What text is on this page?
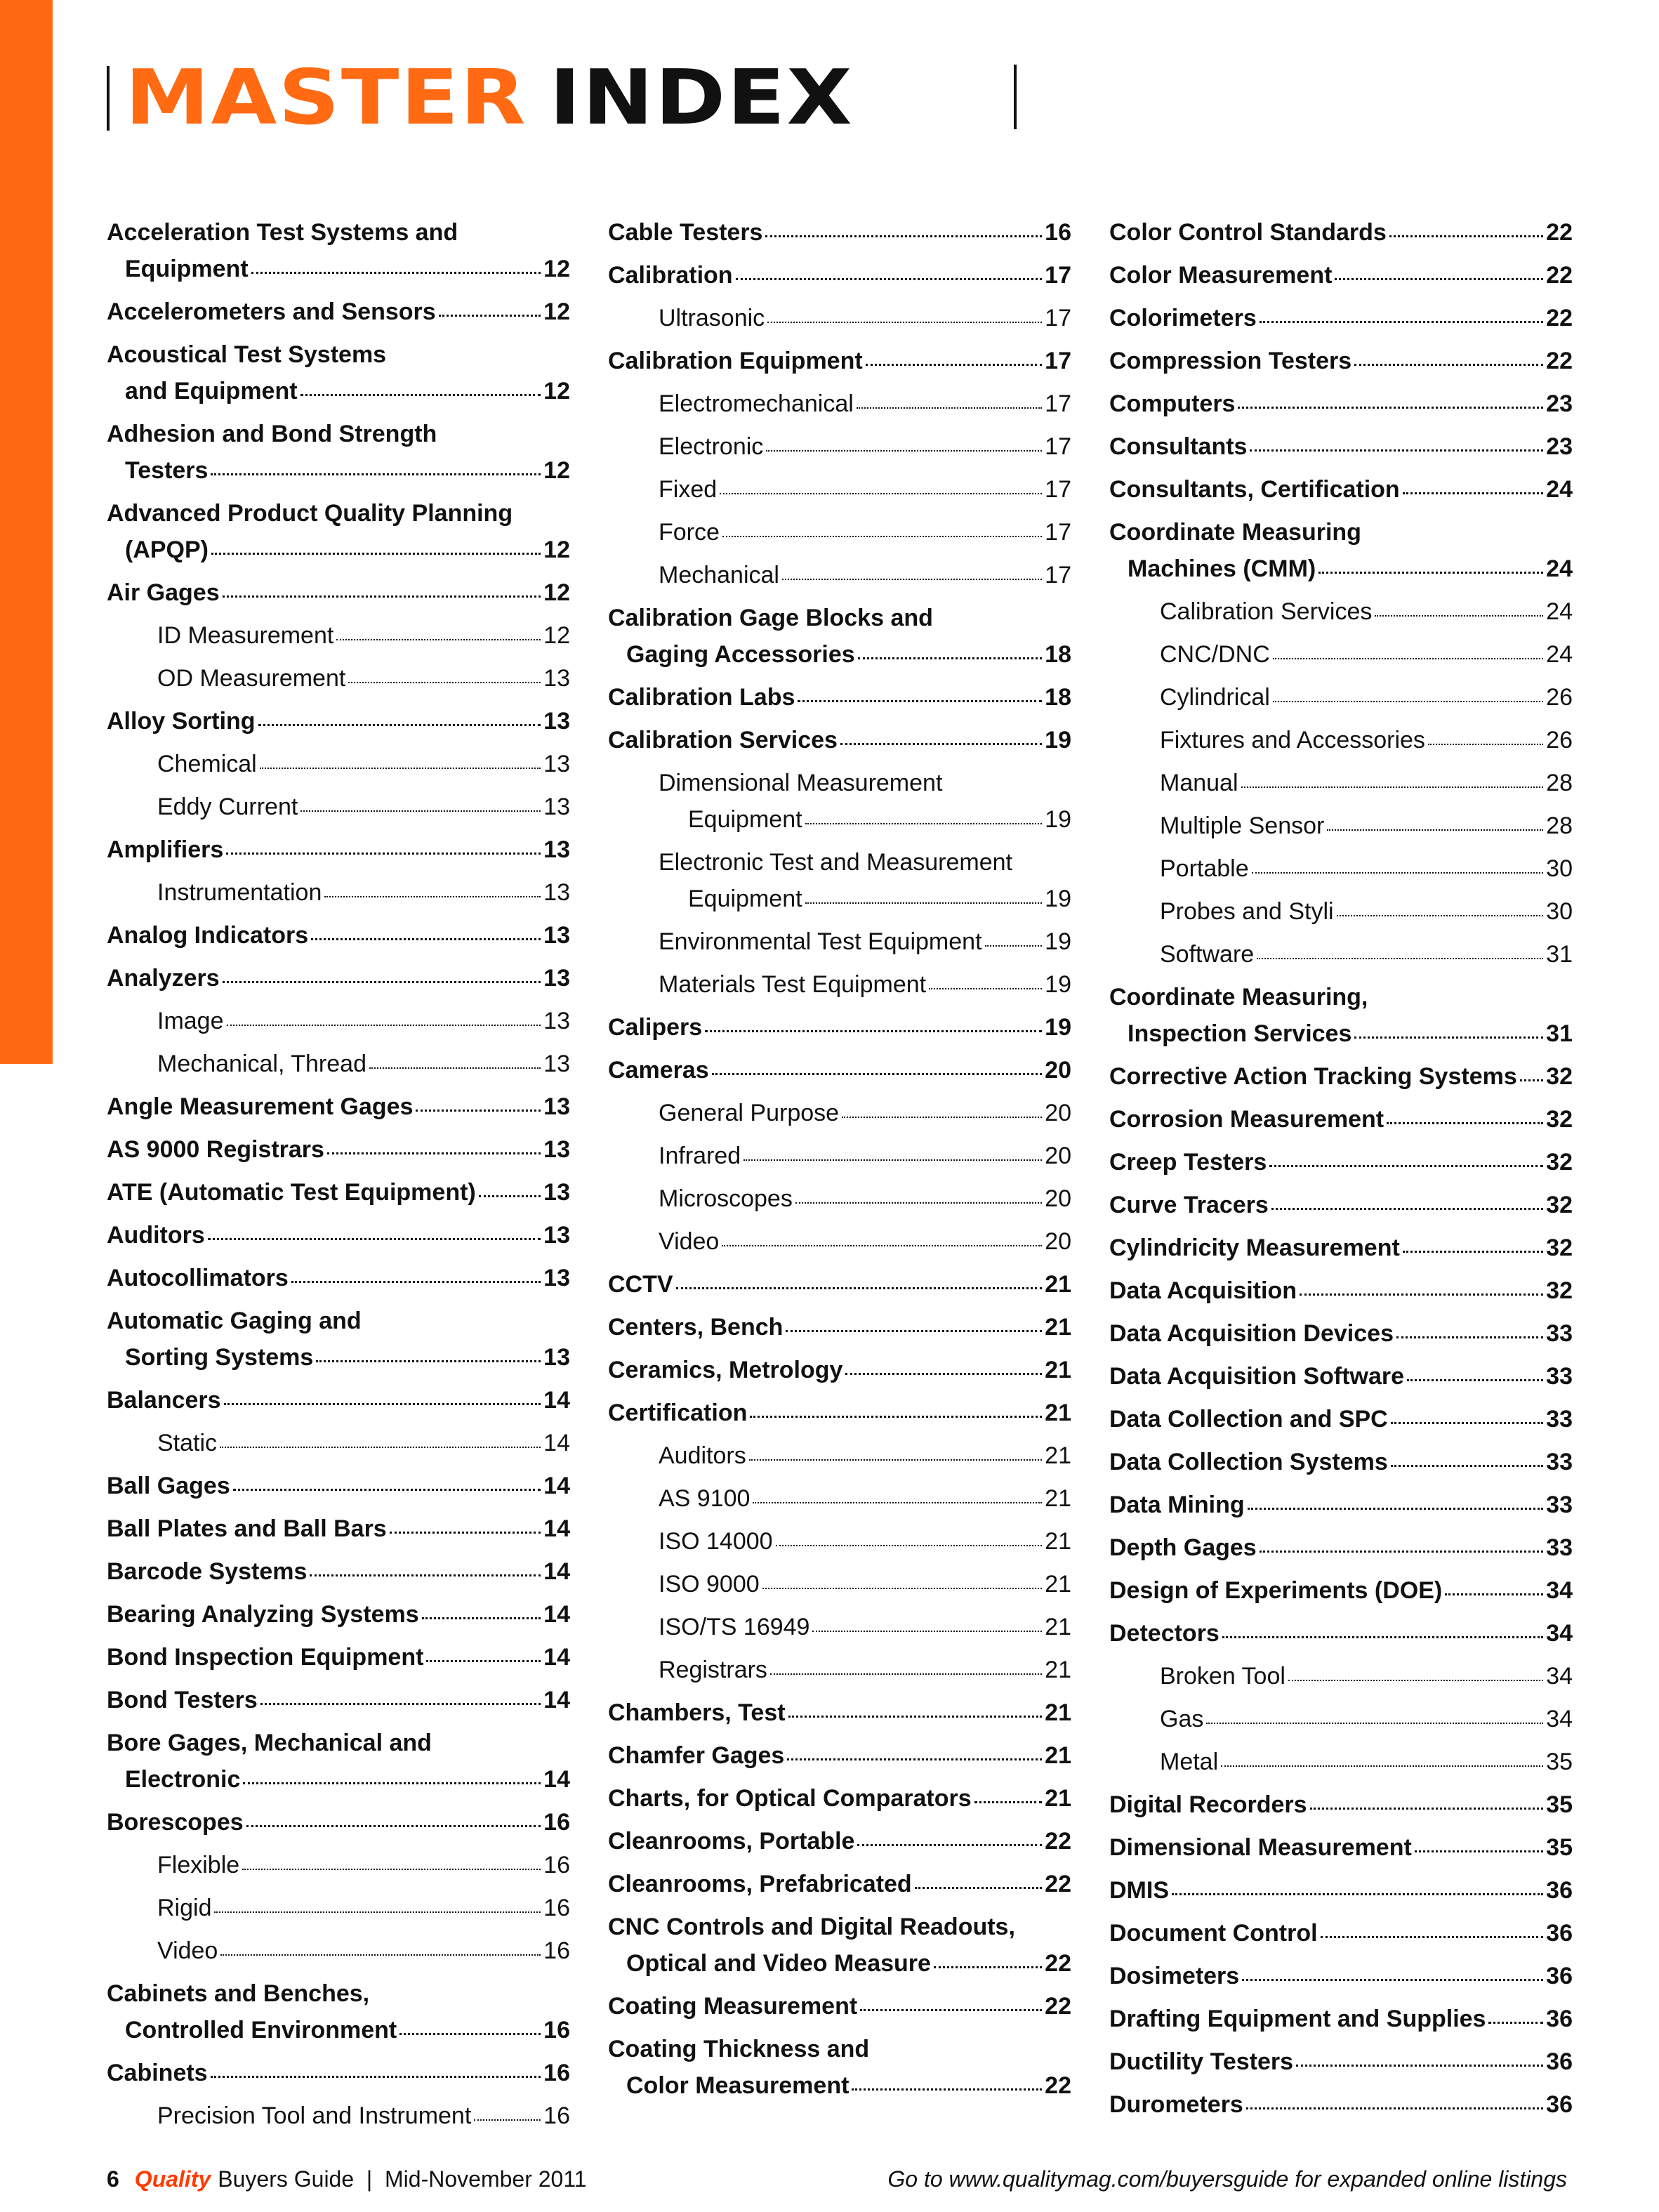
MASTER INDEX
Acceleration Test Systems and
Equipment	12
Accelerometers and Sensors	12
Acoustical Test Systems
and Equipment	12
Adhesion and Bond Strength
Testers	12
Advanced Product Quality Planning
(APQP)	12
Air Gages	12
ID Measurement	12
OD Measurement	13
Alloy Sorting	13
Chemical	13
Eddy Current	13
Amplifiers	13
Instrumentation	13
Analog Indicators	13
Analyzers	13
Image	13
Mechanical, Thread	13
Angle Measurement Gages	13
AS 9000 Registrars	13
ATE (Automatic Test Equipment)	13
Auditors	13
Autocollimators	13
Automatic Gaging and
Sorting Systems	13
Balancers	14
Static	14
Ball Gages	14
Ball Plates and Ball Bars	14
Barcode Systems	14
Bearing Analyzing Systems	14
Bond Inspection Equipment	14
Bond Testers	14
Bore Gages, Mechanical and
Electronic	14
Borescopes	16
Flexible	16
Rigid	16
Video	16
Cabinets and Benches,
Controlled Environment	16
Cabinets	16
Precision Tool and Instrument	16
Cable Testers	16
Calibration	17
Ultrasonic	17
Calibration Equipment	17
Electromechanical	17
Electronic	17
Fixed	17
Force	17
Mechanical	17
Calibration Gage Blocks and
Gaging Accessories	18
Calibration Labs	18
Calibration Services	19
Dimensional Measurement
Equipment	19
Electronic Test and Measurement
Equipment	19
Environmental Test Equipment	19
Materials Test Equipment	19
Calipers	19
Cameras	20
General Purpose	20
Infrared	20
Microscopes	20
Video	20
CCTV	21
Centers, Bench	21
Ceramics, Metrology	21
Certification	21
Auditors	21
AS 9100	21
ISO 14000	21
ISO 9000	21
ISO/TS 16949	21
Registrars	21
Chambers, Test	21
Chamfer Gages	21
Charts, for Optical Comparators	21
Cleanrooms, Portable	22
Cleanrooms, Prefabricated	22
CNC Controls and Digital Readouts,
Optical and Video Measure	22
Coating Measurement	22
Coating Thickness and
Color Measurement	22
Color Control Standards	22
Color Measurement	22
Colorimeters	22
Compression Testers	22
Computers	23
Consultants	23
Consultants, Certification	24
Coordinate Measuring
Machines (CMM)	24
Calibration Services	24
CNC/DNC	24
Cylindrical	26
Fixtures and Accessories	26
Manual	28
Multiple Sensor	28
Portable	30
Probes and Styli	30
Software	31
Coordinate Measuring,
Inspection Services	31
Corrective Action Tracking Systems 32
Corrosion Measurement	32
Creep Testers	32
Curve Tracers	32
Cylindricity Measurement	32
Data Acquisition	32
Data Acquisition Devices	33
Data Acquisition Software	33
Data Collection and SPC	33
Data Collection Systems	33
Data Mining	33
Depth Gages	33
Design of Experiments (DOE)	34
Detectors	34
Broken Tool	34
Gas	34
Metal	35
Digital Recorders	35
Dimensional Measurement	35
DMIS	36
Document Control	36
Dosimeters	36
Drafting Equipment and Supplies	36
Ductility Testers	36
Durometers	36
6 Quality Buyers Guide  |  Mid-November 2011	Go to www.qualitymag.com/buyersguide for expanded online listings
